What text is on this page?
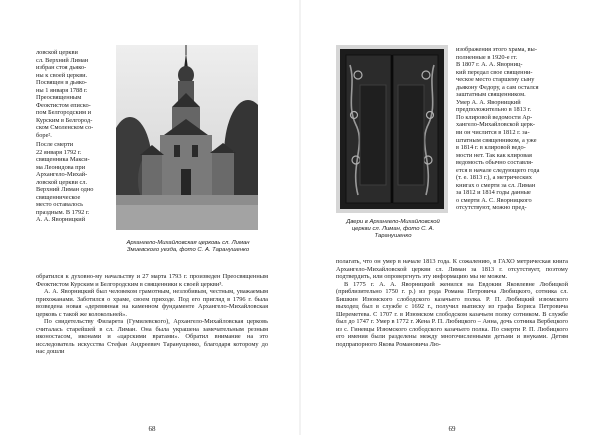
ловской церкви
сл. Верхний Лиман
избран стоя дьяко-
ны к своей церкви.
Посвящен в дьяко-
ны 1 января 1788 г.
Преосвященным
Феоктистом еписко-
пом Белгородским и
Курским в Белгород-
ском Смоленском со-
боре².

Архангело-Михайловская церковь сл. Лиман Змиевского уезда, фото С. А. Таранушенко

После смерти
22 января 1792 г.
священника Макси-
ма Леонидова при
Архангело-Михай-
ловской церкви сл.
Верхний Лиман одно
священническое
место оставалось
праздным. В 1792 г.
А. А. Яворницкий

обратился к духовно-му начальству и 27 марта 1793 г. произведен Преосвященным Феоктистом Курским и Белгородским в священники к своей церкви³.

А. А. Яворницкий был человеком грамотным, незлобивым, честным, уважаемым прихожанами. Заботился о храме, своем приходе. Под его пригляд в 1796 г. была возведена новая «деревянная на каменном фундаменте Архангело-Михайловская церковь с такой же колокольней».

По свидетельству Филарета (Гумилевского), Архангело-Михайловская церковь считалась старейшей в сл. Лиман. Она была украшена замечательным резным иконостасом, иконами и «царскими вратами». Обратил внимание на это исследователь искусства Стефан Андреевич Таранущенко, благодаря которому до нас дошли

68
Двери в Архангело-Михайловской церкви сл. Лиман, фото С. А. Таранушенко

изображения этого храма, вы-
полненные в 1920-е гг.
В 1807 г. А. А. Яворниц-
кий передал свое священни-
ческое место старшему сыну
дьякону Федору, а сам остался
заштатным священником.
Умер А. А. Яворницкий
предположительно в 1813 г.
По клировой ведомости Ар-
хангело-Михайловской церк-
ви он числится в 1812 г. за-
штатным священником, а уже
в 1814 г. в клировой ведо-
мости нет. Так как клировая
ведомость обычно составля-
ется в начале следующего года
(т. е. 1813 г.), а метрических
книгах о смерти за сл. Лиман
за 1812 и 1814 годы данные
о смерти А. С. Яворницкого
отсутствуют, можно пред-

полагать, что он умер в начале 1813 года. К сожалению, в ГАХО метрическая книга Архангело-Михайловской церкви сл. Лиман за 1813 г. отсутствует, поэтому подтвердить, или опровергнуть эту информацию мы не можем.

В 1775 г. А. А. Яворницкий женился на Евдокии Яковлевне Любицкой (приблизительно 1750 г. р.) из рода Романа Петровича Любицкого, сотника сл. Бишкин Изюмского слободского казачьего полка. Р. П. Любицкий изюмского выходец был в службе с 1692 г., получил выписку из графа Бориса Петровича Шереметева. С 1707 г. в Изюмском слободском казачьем полку сотником. В службе был до 1747 г. Умер в 1772 г. Жена Р. П. Любицкого – Анна, дочь сотника Вербецкого из с. Гиневцы Изюмского слободского казачьего полка. По смерти Р. П. Любицкого его имения были разделены между многочисленными детьми и внуками. Детям подпрапорного Якова Романовича Лю-

69
